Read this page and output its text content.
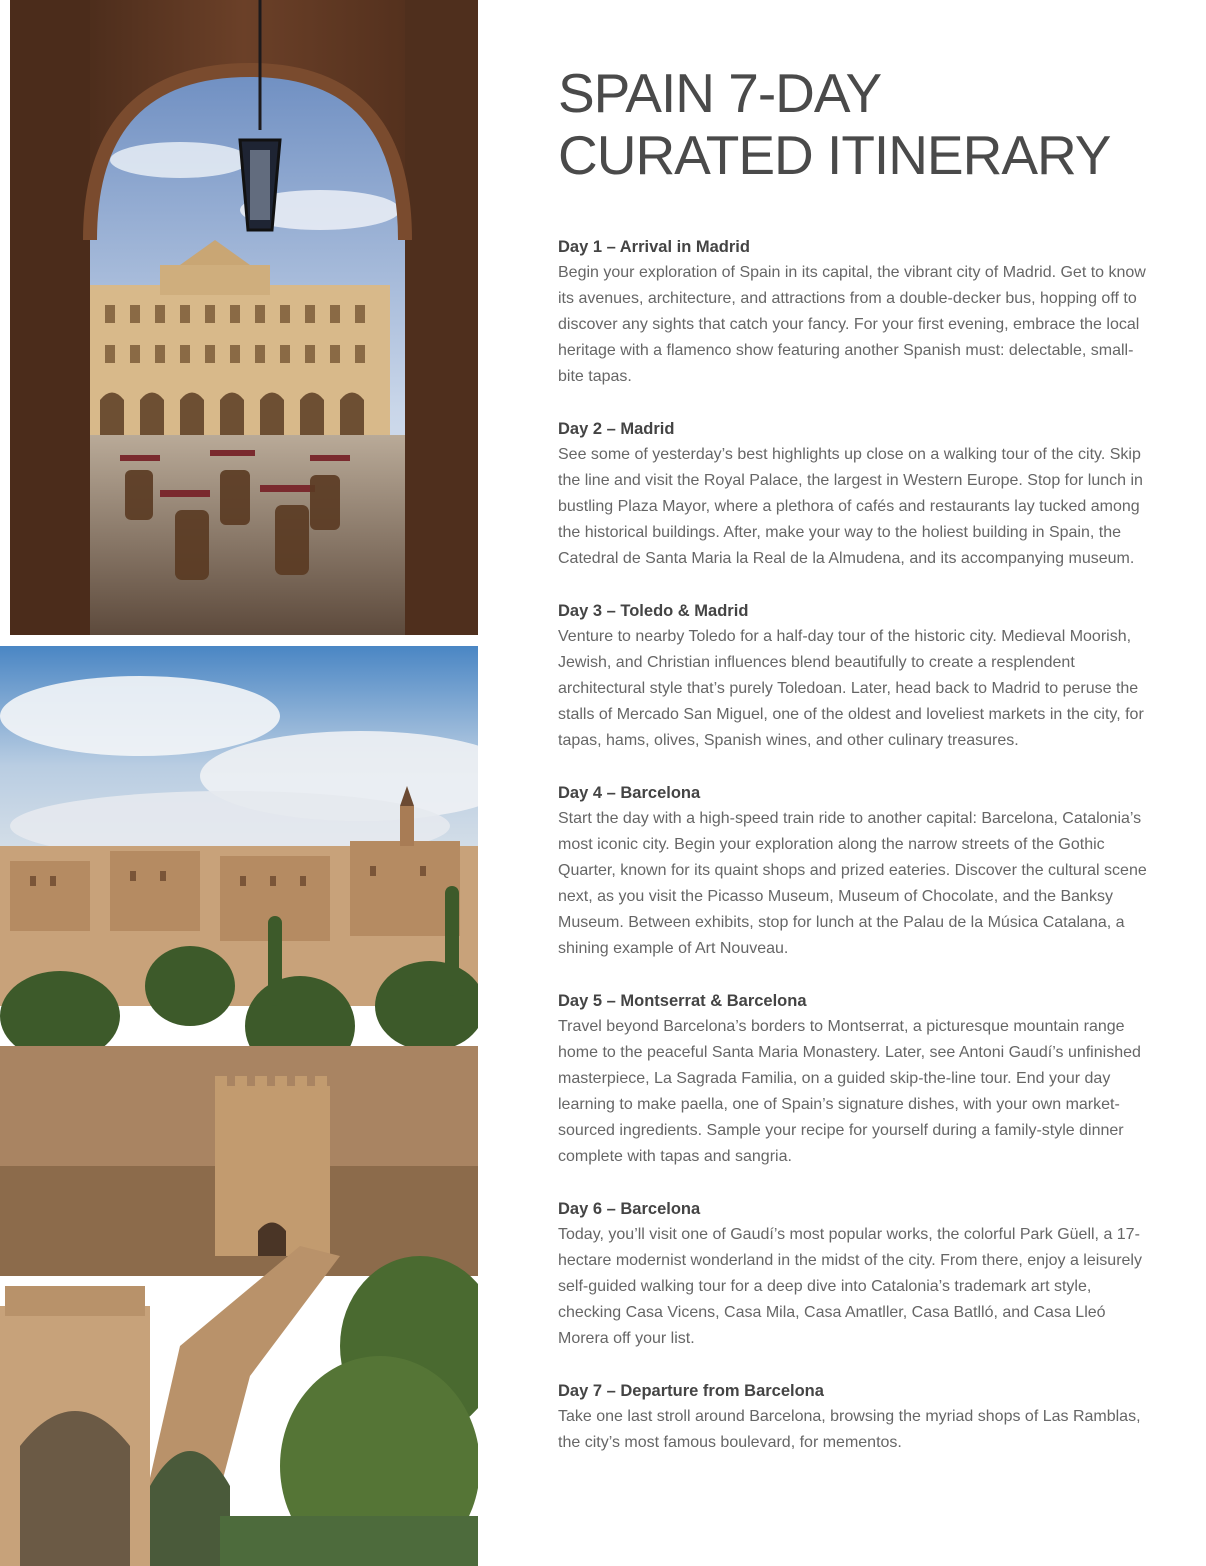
SPAIN 7-DAY
CURATED ITINERARY

Day 1 – Arrival in Madrid

Begin your exploration of Spain in its capital, the vibrant city of Madrid. Get to know its avenues, architecture, and attractions from a double-decker bus, hopping off to discover any sights that catch your fancy. For your first evening, embrace the local heritage with a flamenco show featuring another Spanish must: delectable, small-bite tapas.

Day 2 – Madrid

See some of yesterday’s best highlights up close on a walking tour of the city. Skip the line and visit the Royal Palace, the largest in Western Europe. Stop for lunch in bustling Plaza Mayor, where a plethora of cafés and restaurants lay tucked among the historical buildings. After, make your way to the holiest building in Spain, the Catedral de Santa Maria la Real de la Almudena, and its accompanying museum.

Day 3 – Toledo & Madrid

Venture to nearby Toledo for a half-day tour of the historic city. Medieval Moorish, Jewish, and Christian influences blend beautifully to create a resplendent architectural style that’s purely Toledoan. Later, head back to Madrid to peruse the stalls of Mercado San Miguel, one of the oldest and loveliest markets in the city, for tapas, hams, olives, Spanish wines, and other culinary treasures.

Day 4 – Barcelona

Start the day with a high-speed train ride to another capital: Barcelona, Catalonia’s most iconic city. Begin your exploration along the narrow streets of the Gothic Quarter, known for its quaint shops and prized eateries. Discover the cultural scene next, as you visit the Picasso Museum, Museum of Chocolate, and the Banksy Museum. Between exhibits, stop for lunch at the Palau de la Música Catalana, a shining example of Art Nouveau.

Day 5 – Montserrat & Barcelona

Travel beyond Barcelona’s borders to Montserrat, a picturesque mountain range home to the peaceful Santa Maria Monastery. Later, see Antoni Gaudí’s unfinished masterpiece, La Sagrada Familia, on a guided skip-the-line tour. End your day learning to make paella, one of Spain’s signature dishes, with your own market-sourced ingredients. Sample your recipe for yourself during a family-style dinner complete with tapas and sangria.

Day 6 – Barcelona

Today, you’ll visit one of Gaudí’s most popular works, the colorful Park Güell, a 17-hectare modernist wonderland in the midst of the city. From there, enjoy a leisurely self-guided walking tour for a deep dive into Catalonia’s trademark art style, checking Casa Vicens, Casa Mila, Casa Amatller, Casa Batlló, and Casa Lleó Morera off your list.

Day 7 – Departure from Barcelona

Take one last stroll around Barcelona, browsing the myriad shops of Las Ramblas, the city’s most famous boulevard, for mementos.
